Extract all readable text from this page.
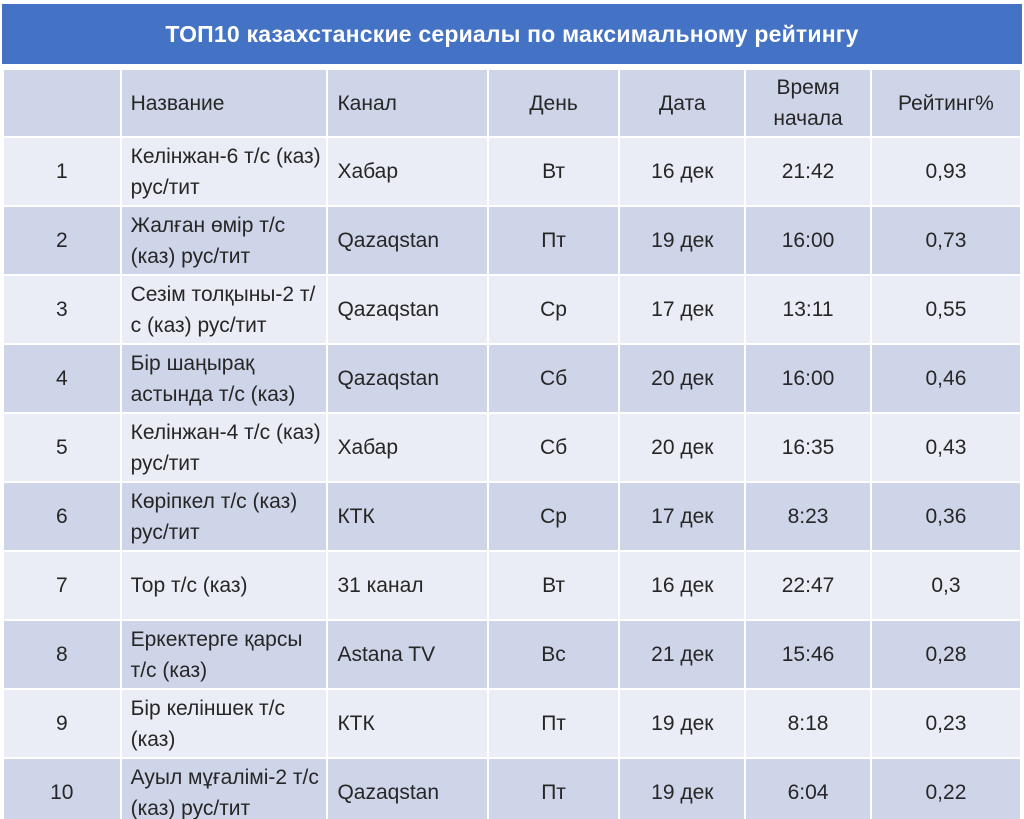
ТОП10 казахстанские сериалы по максимальному рейтингу
	Название	Канал	День	Дата	Время начала	Рейтинг%
1	Келінжан-6 т/с (каз) рус/тит	Хабар	Вт	16 дек	21:42	0,93
2	Жалған өмір т/с (каз) рус/тит	Qazaqstan	Пт	19 дек	16:00	0,73
3	Сезім толқыны-2 т/с (каз) рус/тит	Qazaqstan	Ср	17 дек	13:11	0,55
4	Бір шаңырақ астында т/с (каз)	Qazaqstan	Сб	20 дек	16:00	0,46
5	Келінжан-4 т/с (каз) рус/тит	Хабар	Сб	20 дек	16:35	0,43
6	Көріпкел т/с (каз) рус/тит	КТК	Ср	17 дек	8:23	0,36
7	Тор т/с (каз)	31 канал	Вт	16 дек	22:47	0,3
8	Еркектерге қарсы т/с (каз)	Astana TV	Вс	21 дек	15:46	0,28
9	Бір келіншек т/с (каз)	КТК	Пт	19 дек	8:18	0,23
10	Ауыл мұғалімі-2 т/с (каз) рус/тит	Qazaqstan	Пт	19 дек	6:04	0,22
